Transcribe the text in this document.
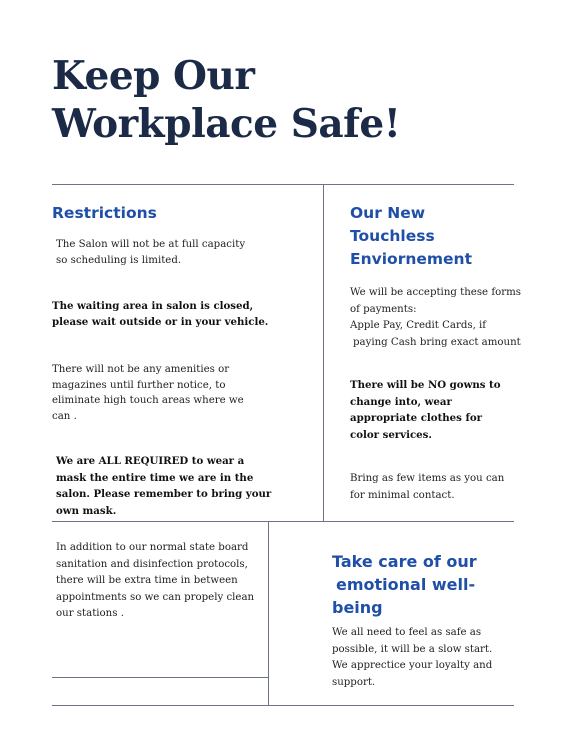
Keep Our
Workplace Safe!
Restrictions

The Salon will not be at full capacity
so scheduling is limited.

The waiting area in salon is closed,
please wait outside or in your vehicle.

There will not be any amenities or
magazines until further notice, to
eliminate high touch areas where we
can .

We are ALL REQUIRED to wear a
mask the entire time we are in the
salon. Please remember to bring your
own mask.

Our New
Touchless
Enviornement

We will be accepting these forms
of payments:
Apple Pay, Credit Cards, if
paying Cash bring exact amount

There will be NO gowns to
change into, wear
appropriate clothes for
color services.

Bring as few items as you can
for minimal contact.

In addition to our normal state board
sanitation and disinfection protocols,
there will be extra time in between
appointments so we can propely clean
our stations .

Take care of our
emotional well-
being

We all need to feel as safe as
possible, it will be a slow start.
We apprectice your loyalty and
support.
